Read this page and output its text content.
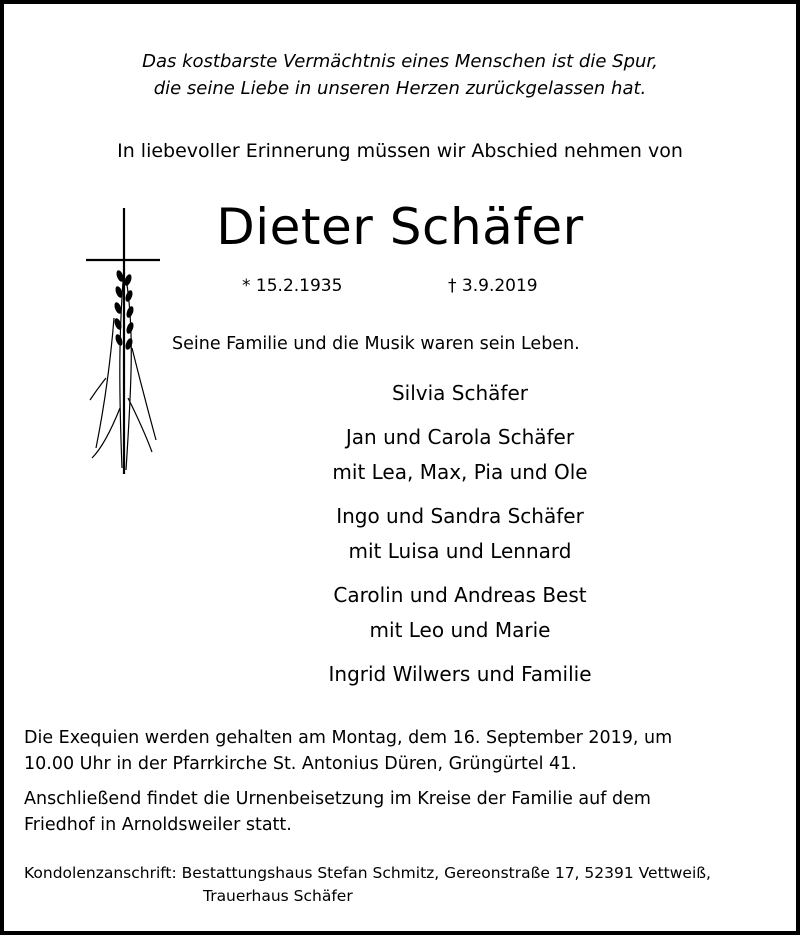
Das kostbarste Vermächtnis eines Menschen ist die Spur,
die seine Liebe in unseren Herzen zurückgelassen hat.
In liebevoller Erinnerung müssen wir Abschied nehmen von
Dieter Schäfer
* 15.2.1935	† 3.9.2019
Seine Familie und die Musik waren sein Leben.
Silvia Schäfer
Jan und Carola Schäfer
mit Lea, Max, Pia und Ole
Ingo und Sandra Schäfer
mit Luisa und Lennard
Carolin und Andreas Best
mit Leo und Marie
Ingrid Wilwers und Familie
Die Exequien werden gehalten am Montag, dem 16. September 2019, um
10.00 Uhr in der Pfarrkirche St. Antonius Düren, Grüngürtel 41.
Anschließend findet die Urnenbeisetzung im Kreise der Familie auf dem
Friedhof in Arnoldsweiler statt.
Kondolenzanschrift: Bestattungshaus Stefan Schmitz, Gereonstraße 17, 52391 Vettweiß,
Trauerhaus Schäfer
